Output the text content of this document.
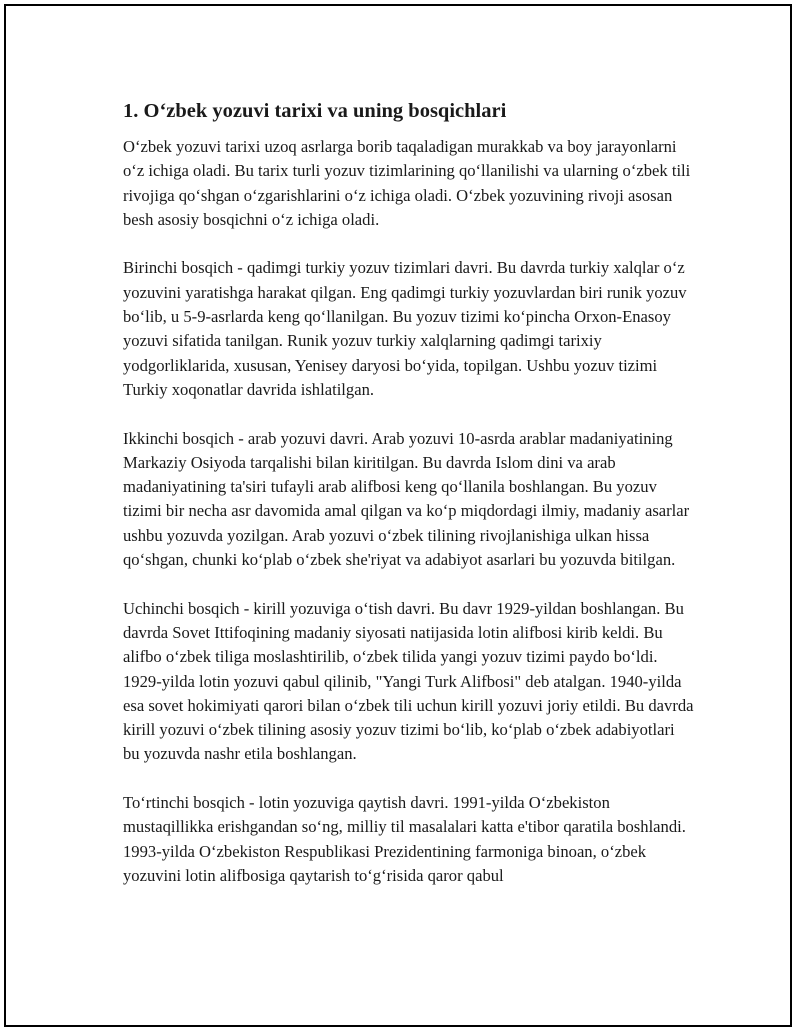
1. O‘zbek yozuvi tarixi va uning bosqichlari

O‘zbek yozuvi tarixi uzoq asrlarga borib taqaladigan murakkab va boy jarayonlarni o‘z ichiga oladi. Bu tarix turli yozuv tizimlarining qo‘llanilishi va ularning o‘zbek tili rivojiga qo‘shgan o‘zgarishlarini o‘z ichiga oladi. O‘zbek yozuvining rivoji asosan besh asosiy bosqichni o‘z ichiga oladi.

Birinchi bosqich - qadimgi turkiy yozuv tizimlari davri. Bu davrda turkiy xalqlar o‘z yozuvini yaratishga harakat qilgan. Eng qadimgi turkiy yozuvlardan biri runik yozuv bo‘lib, u 5-9-asrlarda keng qo‘llanilgan. Bu yozuv tizimi ko‘pincha Orxon-Enasoy yozuvi sifatida tanilgan. Runik yozuv turkiy xalqlarning qadimgi tarixiy yodgorliklarida, xususan, Yenisey daryosi bo‘yida, topilgan. Ushbu yozuv tizimi Turkiy xoqonatlar davrida ishlatilgan.

Ikkinchi bosqich - arab yozuvi davri. Arab yozuvi 10-asrda arablar madaniyatining Markaziy Osiyoda tarqalishi bilan kiritilgan. Bu davrda Islom dini va arab madaniyatining ta'siri tufayli arab alifbosi keng qo‘llanila boshlangan. Bu yozuv tizimi bir necha asr davomida amal qilgan va ko‘p miqdordagi ilmiy, madaniy asarlar ushbu yozuvda yozilgan. Arab yozuvi o‘zbek tilining rivojlanishiga ulkan hissa qo‘shgan, chunki ko‘plab o‘zbek she'riyat va adabiyot asarlari bu yozuvda bitilgan.

Uchinchi bosqich - kirill yozuviga o‘tish davri. Bu davr 1929-yildan boshlangan. Bu davrda Sovet Ittifoqining madaniy siyosati natijasida lotin alifbosi kirib keldi. Bu alifbo o‘zbek tiliga moslashtirilib, o‘zbek tilida yangi yozuv tizimi paydo bo‘ldi. 1929-yilda lotin yozuvi qabul qilinib, "Yangi Turk Alifbosi" deb atalgan. 1940-yilda esa sovet hokimiyati qarori bilan o‘zbek tili uchun kirill yozuvi joriy etildi. Bu davrda kirill yozuvi o‘zbek tilining asosiy yozuv tizimi bo‘lib, ko‘plab o‘zbek adabiyotlari bu yozuvda nashr etila boshlangan.

To‘rtinchi bosqich - lotin yozuviga qaytish davri. 1991-yilda O‘zbekiston mustaqillikka erishgandan so‘ng, milliy til masalalari katta e'tibor qaratila boshlandi. 1993-yilda O‘zbekiston Respublikasi Prezidentining farmoniga binoan, o‘zbek yozuvini lotin alifbosiga qaytarish to‘g‘risida qaror qabul
